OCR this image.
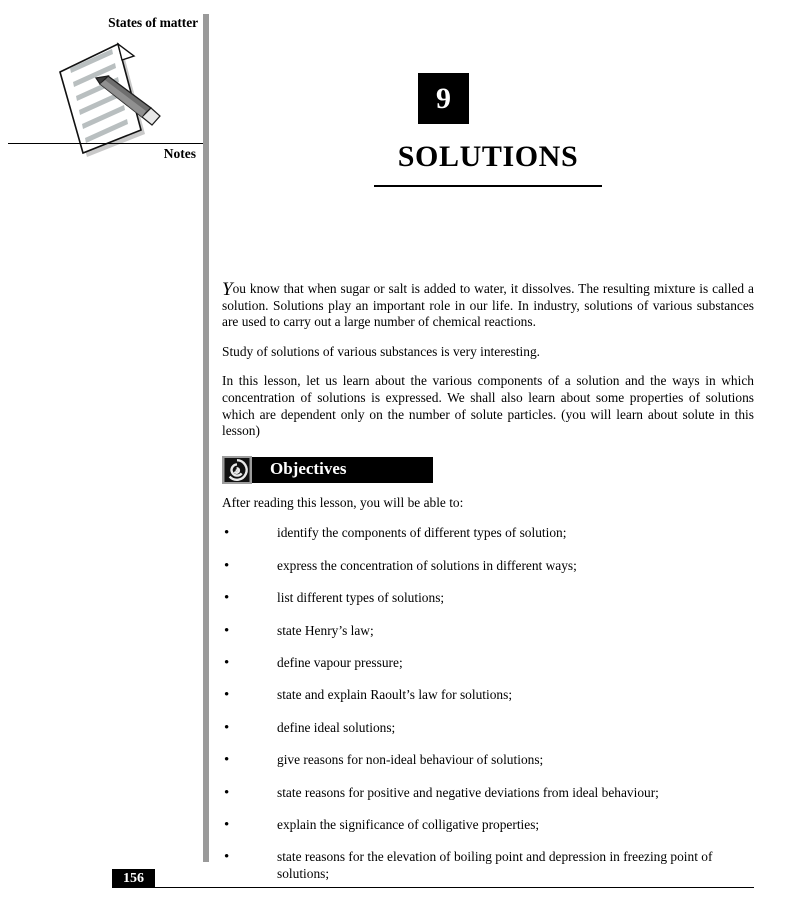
States of matter
Notes
9
SOLUTIONS

You know that when sugar or salt is added to water, it dissolves. The resulting mixture is called a solution. Solutions play an important role in our life. In industry, solutions of various substances are used to carry out a large number of chemical reactions.

Study of solutions of various substances is very interesting.

In this lesson, let us learn about the various components of a solution and the ways in which concentration of solutions is expressed. We shall also learn about some properties of solutions which are dependent only on the number of solute particles. (you will learn about solute in this lesson)

Objectives

After reading this lesson, you will be able to:

•	identify the components of different types of solution;
•	express the concentration of solutions in different ways;
•	list different types of solutions;
•	state Henry’s law;
•	define vapour pressure;
•	state and explain Raoult’s law for solutions;
•	define ideal solutions;
•	give reasons for non-ideal behaviour of solutions;
•	state reasons for positive and negative deviations from ideal behaviour;
•	explain the significance of colligative properties;
•	state reasons for the elevation of boiling point and depression in freezing point of solutions;
156
